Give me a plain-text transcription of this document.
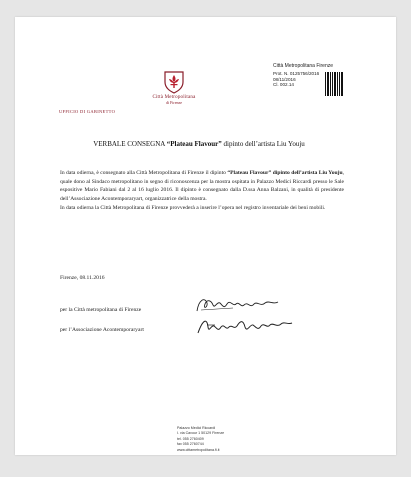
Città Metropolitana
di Firenze
UFFICIO DI GABINETTO
Città Metropolitana Firenze
Prot. N. 0125756/2016
08/11/2016
Cl. 002.14
VERBALE CONSEGNA “Plateau Flavour” dipinto dell’artista Liu Youju

In data odierna, è consegnato alla Città Metropolitana di Firenze il dipinto “Plateau Flavour” dipinto dell’artista Liu Youju, quale dono al Sindaco metropolitano in segno di riconoscenza per la mostra ospitata in Palazzo Medici Riccardi presso le Sale espositive Mario Fabiani dal 2 al 16 luglio 2016. Il dipinto è consegnato dalla D.ssa Anna Balzani, in qualità di presidente dell’Associazione Acontemporaryart, organizzatrice della mostra.

In data odierna la Città Metropolitana di Firenze provvederà a inserire l’opera nel registro inventariale dei beni mobili.

Firenze, 08.11.2016
per la Città metropolitana di Firenze
per l’Associazione Acontemporaryart
Palazzo Medici Riccardi
I. via Cavour 1 50129 Firenze
tel. 055 2760409
fax 055 2760744
www.cittametropolitana.fi.it
